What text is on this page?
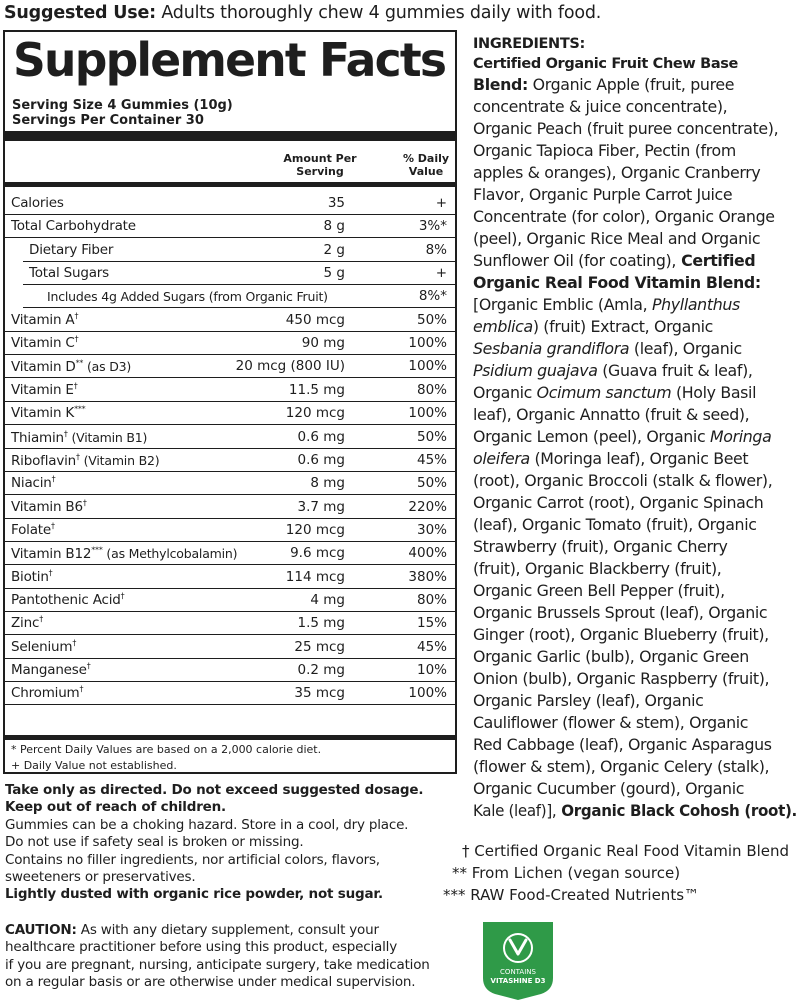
Suggested Use: Adults thoroughly chew 4 gummies daily with food.
Supplement Facts
Serving Size 4 Gummies (10g)
Servings Per Container 30
Amount Per
Serving
% Daily
Value
Calories	35	+
Total Carbohydrate	8 g	3%*
Dietary Fiber	2 g	8%
Total Sugars	5 g	+
Includes 4g Added Sugars (from Organic Fruit)	8%*
Vitamin A†	450 mcg	50%
Vitamin C†	90 mg	100%
Vitamin D** (as D3)	20 mcg (800 IU)	100%
Vitamin E†	11.5 mg	80%
Vitamin K***	120 mcg	100%
Thiamin† (Vitamin B1)	0.6 mg	50%
Riboflavin† (Vitamin B2)	0.6 mg	45%
Niacin†	8 mg	50%
Vitamin B6†	3.7 mg	220%
Folate†	120 mcg	30%
Vitamin B12*** (as Methylcobalamin)	9.6 mcg	400%
Biotin†	114 mcg	380%
Pantothenic Acid†	4 mg	80%
Zinc†	1.5 mg	15%
Selenium†	25 mcg	45%
Manganese†	0.2 mg	10%
Chromium†	35 mcg	100%
* Percent Daily Values are based on a 2,000 calorie diet.
+ Daily Value not established.
Take only as directed. Do not exceed suggested dosage.
Keep out of reach of children.
Gummies can be a choking hazard. Store in a cool, dry place.
Do not use if safety seal is broken or missing.
Contains no filler ingredients, nor artificial colors, flavors,
sweeteners or preservatives.
Lightly dusted with organic rice powder, not sugar.
CAUTION: As with any dietary supplement, consult your
healthcare practitioner before using this product, especially
if you are pregnant, nursing, anticipate surgery, take medication
on a regular basis or are otherwise under medical supervision.
INGREDIENTS:
Certified Organic Fruit Chew Base
Blend: Organic Apple (fruit, puree
concentrate & juice concentrate),
Organic Peach (fruit puree concentrate),
Organic Tapioca Fiber, Pectin (from
apples & oranges), Organic Cranberry
Flavor, Organic Purple Carrot Juice
Concentrate (for color), Organic Orange
(peel), Organic Rice Meal and Organic
Sunflower Oil (for coating), Certified
Organic Real Food Vitamin Blend:
[Organic Emblic (Amla, Phyllanthus
emblica) (fruit) Extract, Organic
Sesbania grandiflora (leaf), Organic
Psidium guajava (Guava fruit & leaf),
Organic Ocimum sanctum (Holy Basil
leaf), Organic Annatto (fruit & seed),
Organic Lemon (peel), Organic Moringa
oleifera (Moringa leaf), Organic Beet
(root), Organic Broccoli (stalk & flower),
Organic Carrot (root), Organic Spinach
(leaf), Organic Tomato (fruit), Organic
Strawberry (fruit), Organic Cherry
(fruit), Organic Blackberry (fruit),
Organic Green Bell Pepper (fruit),
Organic Brussels Sprout (leaf), Organic
Ginger (root), Organic Blueberry (fruit),
Organic Garlic (bulb), Organic Green
Onion (bulb), Organic Raspberry (fruit),
Organic Parsley (leaf), Organic
Cauliflower (flower & stem), Organic
Red Cabbage (leaf), Organic Asparagus
(flower & stem), Organic Celery (stalk),
Organic Cucumber (gourd), Organic
Kale (leaf)], Organic Black Cohosh (root).
† Certified Organic Real Food Vitamin Blend
** From Lichen (vegan source)
*** RAW Food-Created Nutrients™
CONTAINS
VITASHINE D3
